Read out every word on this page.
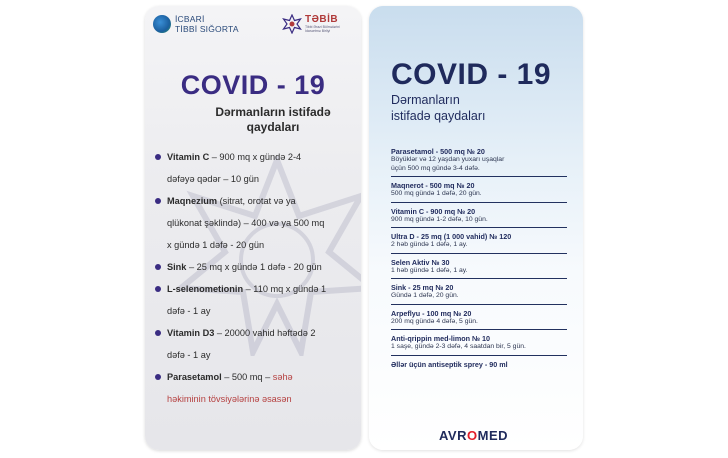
İCBARİ
TİBBİ SIĞORTA
TƏBİB
Tibbi Ərazi Bölmələrini İdarəetmə Birliyi
COVID - 19
Dərmanların istifadə
qaydaları
Vitamin C – 900 mq x gündə 2-4
dəfəyə qədər – 10 gün
Maqnezium (sitrat, orotat və ya
qlükonat şəklində) – 400 və ya 500 mq
x gündə 1 dəfə - 20 gün
Sink – 25 mq x gündə 1 dəfə - 20 gün
L-selenometionin – 110 mq x gündə 1
dəfə - 1 ay
Vitamin D3 – 20000 vahid həftədə 2
dəfə - 1 ay
Parasetamol – 500 mq – səhə
həkiminin tövsiyələrinə əsasən
COVID - 19
Dərmanların
istifadə qaydaları
Parasetamol - 500 mq № 20
Böyüklər və 12 yaşdan yuxarı uşaqlar
üçün 500 mq gündə 3-4 dəfə.
Maqnerot - 500 mq № 20
500 mq gündə 1 dəfə, 20 gün.
Vitamin C - 900 mq № 20
900 mq gündə 1-2 dəfə, 10 gün.
Ultra D - 25 mq (1 000 vahid) № 120
2 həb gündə 1 dəfə, 1 ay.
Selen Aktiv № 30
1 həb gündə 1 dəfə, 1 ay.
Sink - 25 mq № 20
Gündə 1 dəfə, 20 gün.
Arpeflyu - 100 mq № 20
200 mq gündə 4 dəfə, 5 gün.
Anti-qrippin med-limon № 10
1 saşe, gündə 2-3 dəfə, 4 saatdan bir, 5 gün.
Əllər üçün antiseptik sprey - 90 ml
AVROMED
